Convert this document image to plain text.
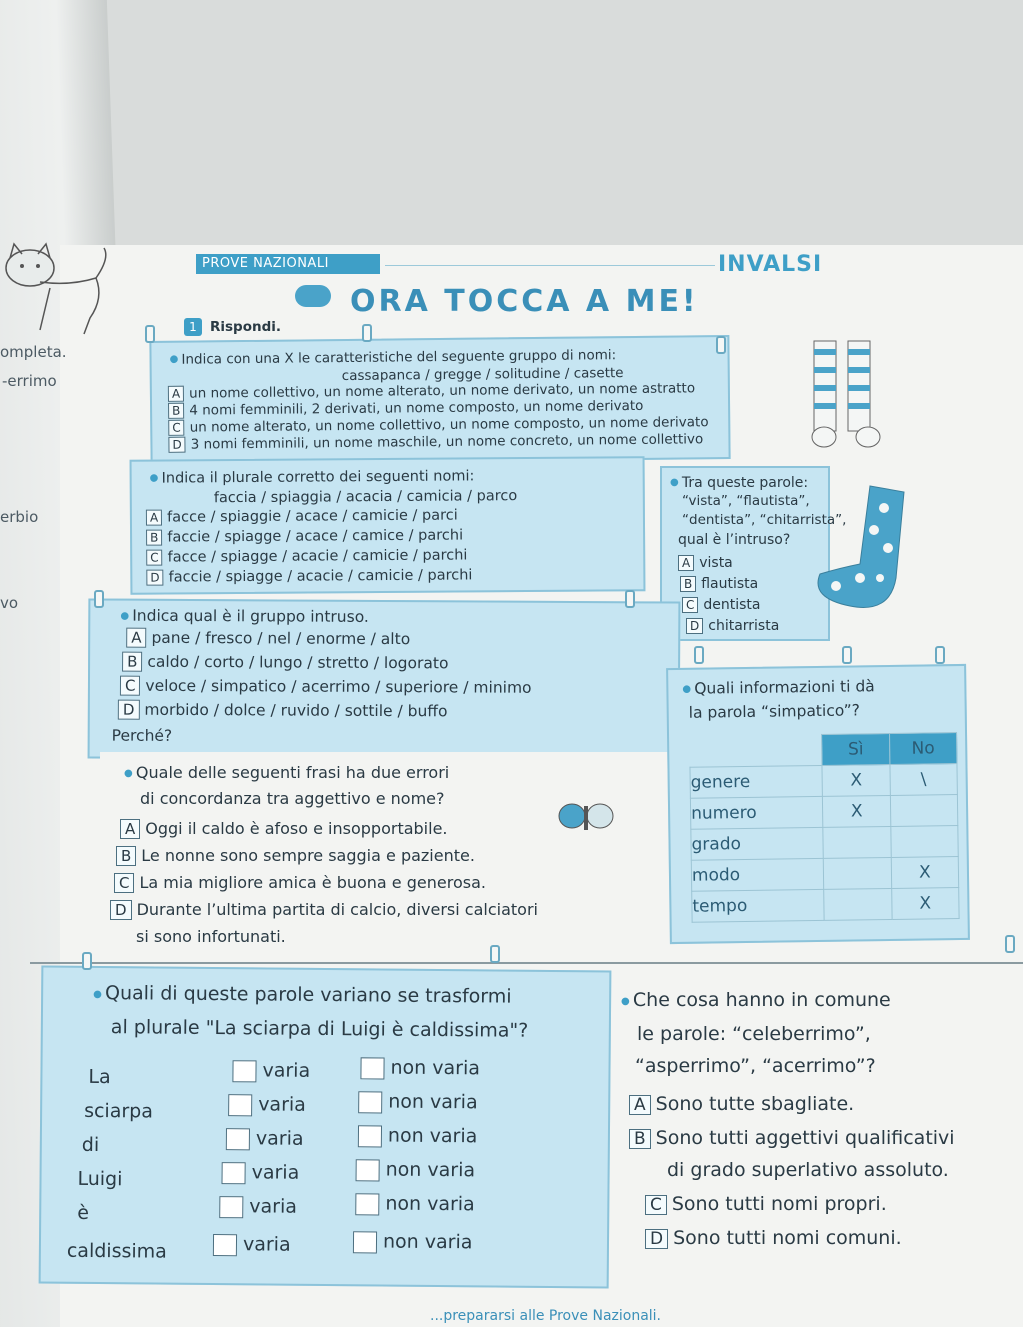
ompleta.
-errimo
erbio
vo
PROVE NAZIONALI	INVALSI
ORA TOCCA A ME!
1 Rispondi.
● Indica con una X le caratteristiche del seguente gruppo di nomi:
cassapanca / gregge / solitudine / casette
A un nome collettivo, un nome alterato, un nome derivato, un nome astratto
B 4 nomi femminili, 2 derivati, un nome composto, un nome derivato
C un nome alterato, un nome collettivo, un nome composto, un nome derivato
D 3 nomi femminili, un nome maschile, un nome concreto, un nome collettivo
● Indica il plurale corretto dei seguenti nomi:
faccia / spiaggia / acacia / camicia / parco
A facce / spiaggie / acace / camicie / parci
B faccie / spiagge / acace / camice / parchi
C facce / spiagge / acacie / camicie / parchi
D faccie / spiagge / acacie / camicie / parchi
● Tra queste parole:
“vista”, “flautista”,
“dentista”, “chitarrista”,
qual è l’intruso?
A vista
B flautista
C dentista
D chitarrista
● Indica qual è il gruppo intruso.
A pane / fresco / nel / enorme / alto
B caldo / corto / lungo / stretto / logorato
C veloce / simpatico / acerrimo / superiore / minimo
D morbido / dolce / ruvido / sottile / buffo
Perché?
● Quale delle seguenti frasi ha due errori
di concordanza tra aggettivo e nome?
A Oggi il caldo è afoso e insopportabile.
B Le nonne sono sempre saggia e paziente.
C La mia migliore amica è buona e generosa.
D Durante l’ultima partita di calcio, diversi calciatori
si sono infortunati.
● Quali informazioni ti dà
la parola “simpatico”?
	Sì	No
genere	X	\
numero	X	
grado		
modo		X
tempo		X
● Quali di queste parole variano se trasformi
al plurale "La sciarpa di Luigi è caldissima"?
La	varia	non varia
sciarpa	varia	non varia
di	varia	non varia
Luigi	varia	non varia
è	varia	non varia
caldissima	varia	non varia
● Che cosa hanno in comune
le parole: “celeberrimo”,
“asperrimo”, “acerrimo”?
A Sono tutte sbagliate.
B Sono tutti aggettivi qualificativi
di grado superlativo assoluto.
C Sono tutti nomi propri.
D Sono tutti nomi comuni.
...prepararsi alle Prove Nazionali.
